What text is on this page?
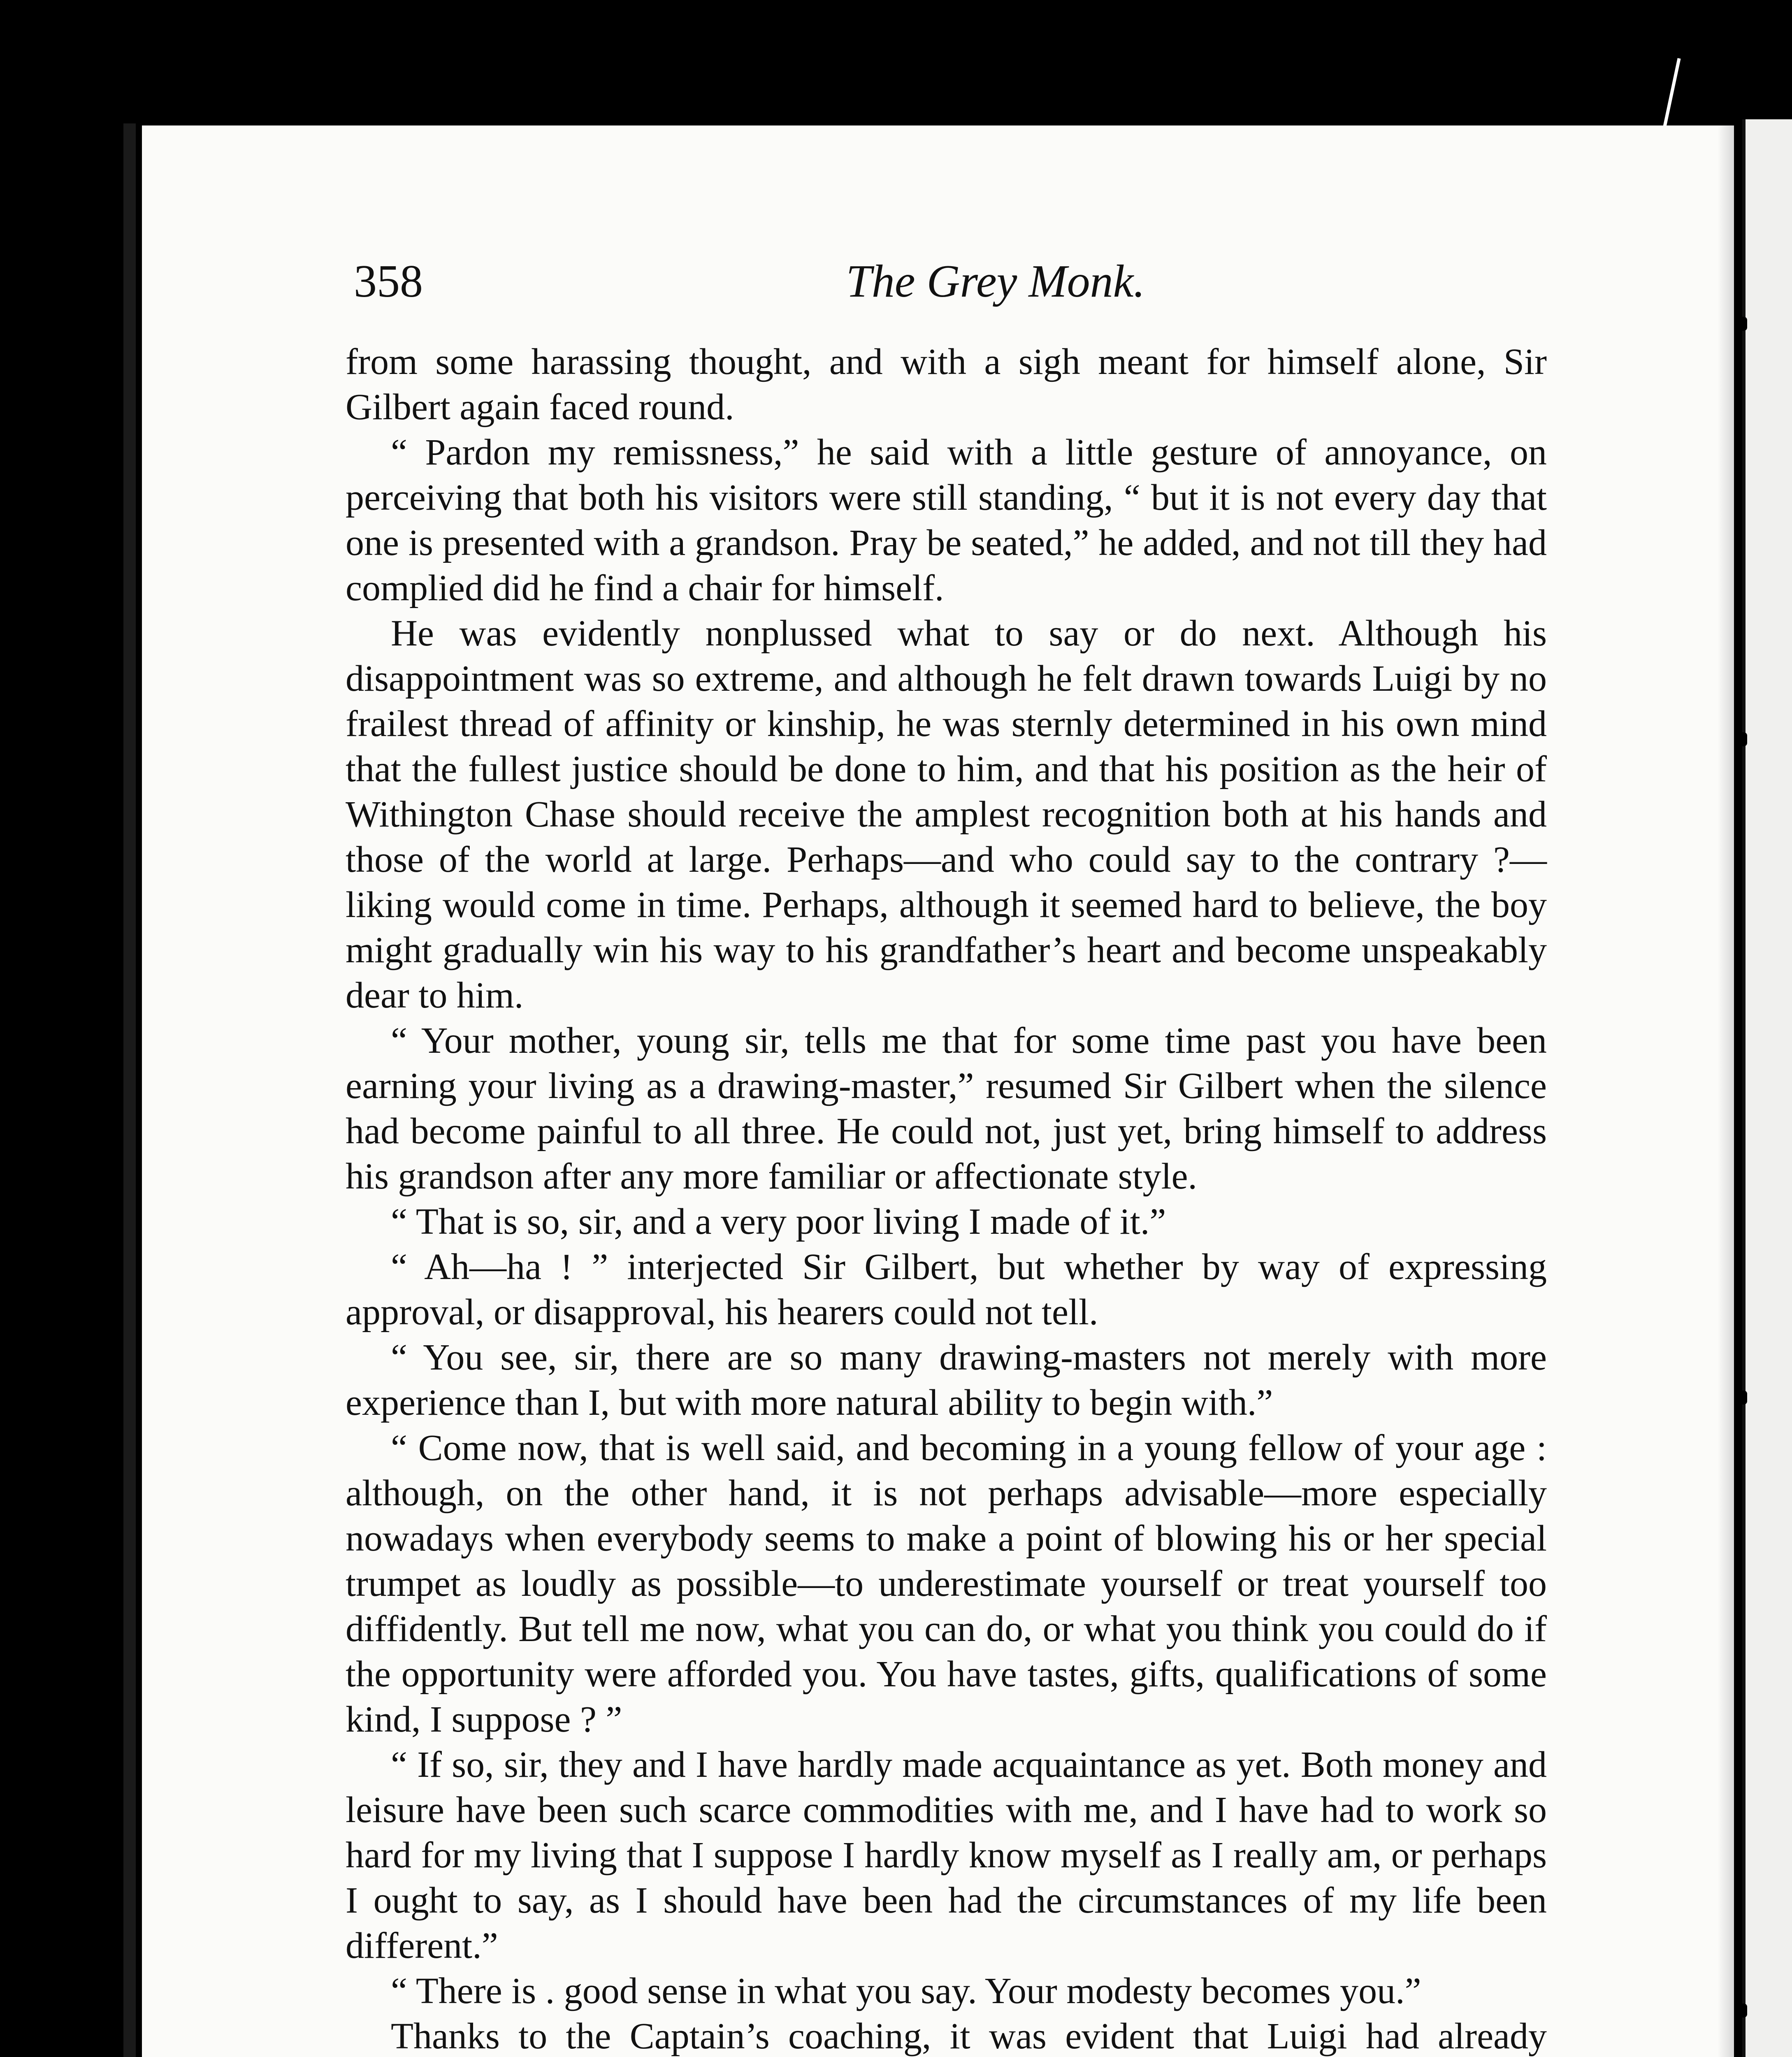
358	The Grey Monk.

from some harassing thought, and with a sigh meant for himself alone, Sir Gilbert again faced round.

“ Pardon my remissness,” he said with a little gesture of annoyance, on perceiving that both his visitors were still standing, “ but it is not every day that one is presented with a grandson. Pray be seated,” he added, and not till they had complied did he find a chair for himself.

He was evidently nonplussed what to say or do next. Although his disappointment was so extreme, and although he felt drawn towards Luigi by no frailest thread of affinity or kinship, he was sternly determined in his own mind that the fullest justice should be done to him, and that his position as the heir of Withington Chase should receive the amplest recognition both at his hands and those of the world at large. Perhaps—and who could say to the contrary ?—liking would come in time. Perhaps, although it seemed hard to believe, the boy might gradually win his way to his grandfather’s heart and become unspeakably dear to him.

“ Your mother, young sir, tells me that for some time past you have been earning your living as a drawing-master,” resumed Sir Gilbert when the silence had become painful to all three. He could not, just yet, bring himself to address his grandson after any more familiar or affectionate style.

“ That is so, sir, and a very poor living I made of it.”

“ Ah—ha ! ” interjected Sir Gilbert, but whether by way of expressing approval, or disapproval, his hearers could not tell.

“ You see, sir, there are so many drawing-masters not merely with more experience than I, but with more natural ability to begin with.”

“ Come now, that is well said, and becoming in a young fellow of your age : although, on the other hand, it is not perhaps advisable—more especially nowadays when everybody seems to make a point of blowing his or her special trumpet as loudly as possible—to underestimate yourself or treat yourself too diffidently. But tell me now, what you can do, or what you think you could do if the opportunity were afforded you. You have tastes, gifts, qualifications of some kind, I suppose ? ”

“ If so, sir, they and I have hardly made acquaintance as yet. Both money and leisure have been such scarce commodities with me, and I have had to work so hard for my living that I suppose I hardly know myself as I really am, or perhaps I ought to say, as I should have been had the circumstances of my life been different.”

“ There is . good sense in what you say. Your modesty becomes you.”

Thanks to the Captain’s coaching, it was evident that Luigi had already
